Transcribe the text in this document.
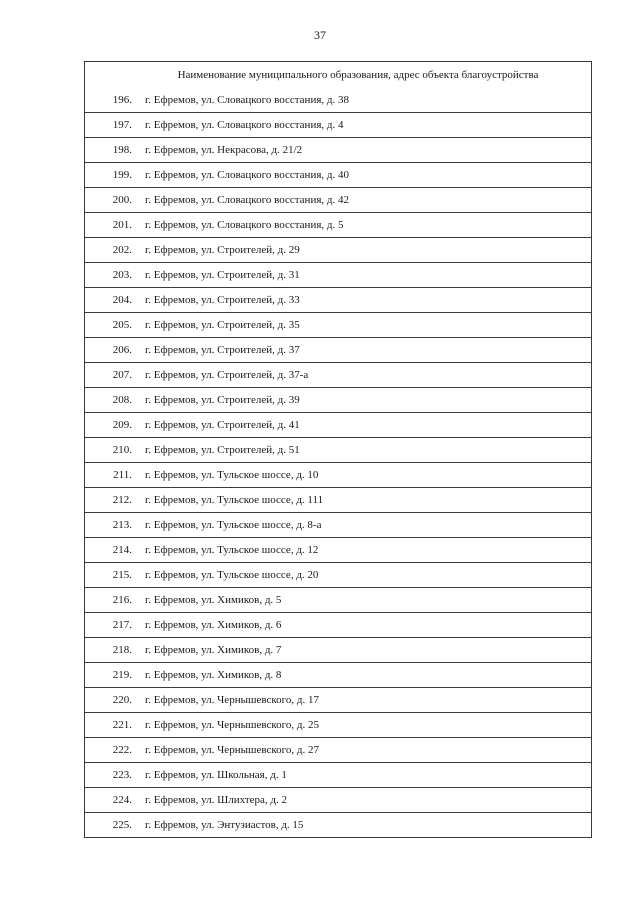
37
Наименование муниципального образования, адрес объекта благоустройства
196.	г. Ефремов, ул. Словацкого восстания, д. 38
197.	г. Ефремов, ул. Словацкого восстания, д. 4
198.	г. Ефремов, ул. Некрасова, д. 21/2
199.	г. Ефремов, ул. Словацкого восстания, д. 40
200.	г. Ефремов, ул. Словацкого восстания, д. 42
201.	г. Ефремов, ул. Словацкого восстания, д. 5
202.	г. Ефремов, ул. Строителей, д. 29
203.	г. Ефремов, ул. Строителей, д. 31
204.	г. Ефремов, ул. Строителей, д. 33
205.	г. Ефремов, ул. Строителей, д. 35
206.	г. Ефремов, ул. Строителей, д. 37
207.	г. Ефремов, ул. Строителей, д. 37-а
208.	г. Ефремов, ул. Строителей, д. 39
209.	г. Ефремов, ул. Строителей, д. 41
210.	г. Ефремов, ул. Строителей, д. 51
211.	г. Ефремов, ул. Тульское шоссе, д. 10
212.	г. Ефремов, ул. Тульское шоссе, д. 111
213.	г. Ефремов, ул. Тульское шоссе, д. 8-а
214.	г. Ефремов, ул. Тульское шоссе, д. 12
215.	г. Ефремов, ул. Тульское шоссе, д. 20
216.	г. Ефремов, ул. Химиков, д. 5
217.	г. Ефремов, ул. Химиков, д. 6
218.	г. Ефремов, ул. Химиков, д. 7
219.	г. Ефремов, ул. Химиков, д. 8
220.	г. Ефремов, ул. Чернышевского, д. 17
221.	г. Ефремов, ул. Чернышевского, д. 25
222.	г. Ефремов, ул. Чернышевского, д. 27
223.	г. Ефремов, ул. Школьная, д. 1
224.	г. Ефремов, ул. Шлихтера, д. 2
225.	г. Ефремов, ул. Энтузиастов, д. 15
